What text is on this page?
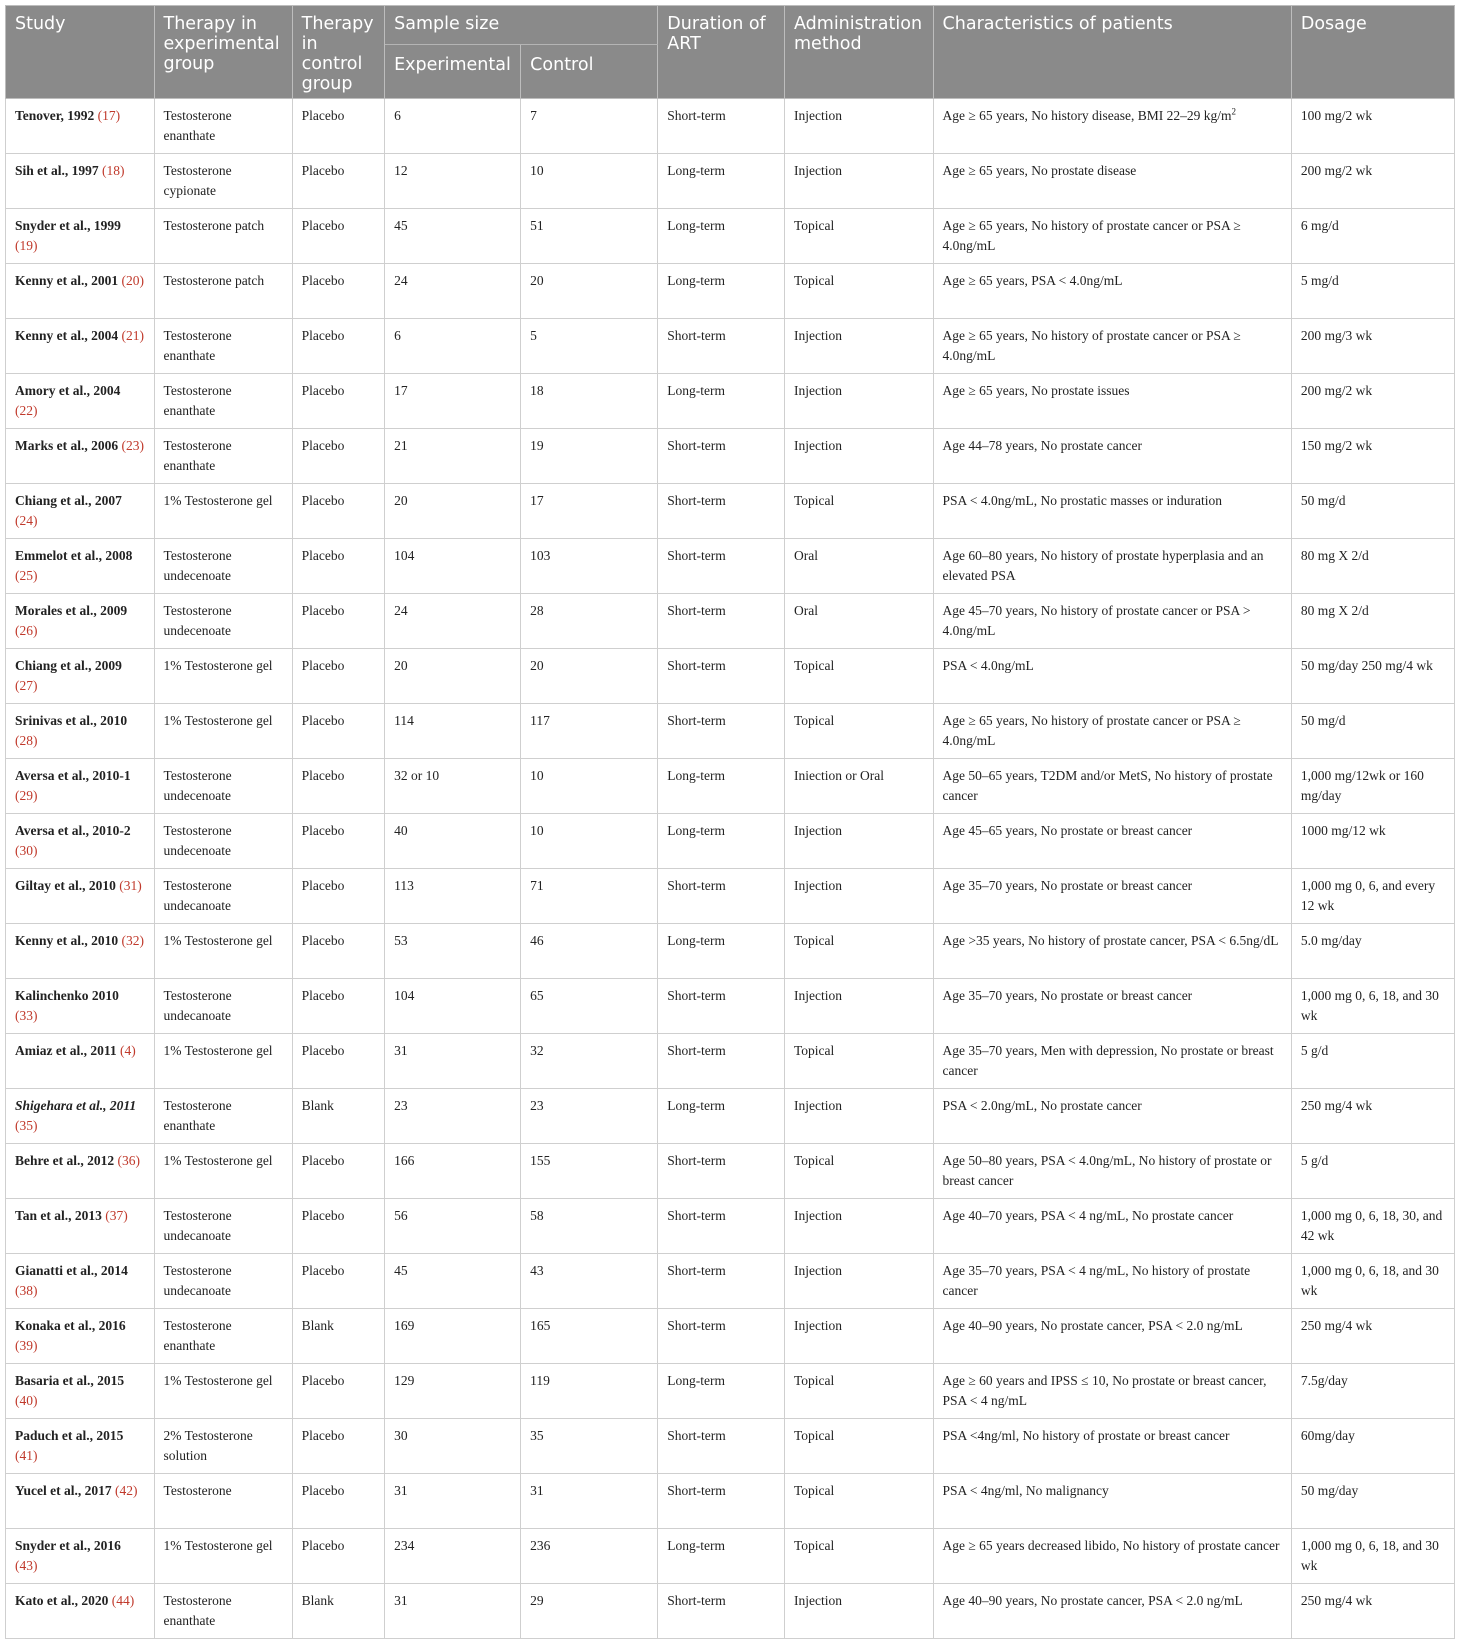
Study	Therapy in experimental group	Therapy in control group	Sample size		Duration of ART	Administration method	Characteristics of patients	Dosage
			Experimental	Control				
Tenover, 1992 (17)	Testosterone enanthate	Placebo	6	7	Short-term	Injection	Age ≥ 65 years, No history disease, BMI 22–29 $kg/m^2$	100 mg/2 wk
Sih et al., 1997 (18)	Testosterone cypionate	Placebo	12	10	Long-term	Injection	Age ≥ 65 years, No prostate disease	200 mg/2 wk
Snyder et al., 1999 (19)	Testosterone patch	Placebo	45	51	Long-term	Topical	Age ≥ 65 years, No history of prostate cancer or PSA ≥ 4.0ng/mL	6 mg/d
Kenny et al., 2001 (20)	Testosterone patch	Placebo	24	20	Long-term	Topical	Age ≥ 65 years, PSA < 4.0ng/mL	5 mg/d
Kenny et al., 2004 (21)	Testosterone enanthate	Placebo	6	5	Short-term	Injection	Age ≥ 65 years, No history of prostate cancer or PSA ≥ 4.0ng/mL	200 mg/3 wk
Amory et al., 2004 (22)	Testosterone enanthate	Placebo	17	18	Long-term	Injection	Age ≥ 65 years, No prostate issues	200 mg/2 wk
Marks et al., 2006 (23)	Testosterone enanthate	Placebo	21	19	Short-term	Injection	Age 44–78 years, No prostate cancer	150 mg/2 wk
Chiang et al., 2007 (24)	1% Testosterone gel	Placebo	20	17	Short-term	Topical	PSA < 4.0ng/mL, No prostatic masses or induration	50 mg/d
Emmelot et al., 2008 (25)	Testosterone undecenoate	Placebo	104	103	Short-term	Oral	Age 60–80 years, No history of prostate hyperplasia and an elevated PSA	80 mg X 2/d
Morales et al., 2009 (26)	Testosterone undecenoate	Placebo	24	28	Short-term	Oral	Age 45–70 years, No history of prostate cancer or PSA > 4.0ng/mL	80 mg X 2/d
Chiang et al., 2009 (27)	1% Testosterone gel	Placebo	20	20	Short-term	Topical	PSA < 4.0ng/mL	50 mg/day 250 mg/4 wk
Srinivas et al., 2010 (28)	1% Testosterone gel	Placebo	114	117	Short-term	Topical	Age ≥ 65 years, No history of prostate cancer or PSA ≥ 4.0ng/mL	50 mg/d
Aversa et al., 2010-1 (29)	Testosterone undecenoate	Placebo	32 or 10	10	Long-term	Iniection or Oral	Age 50–65 years, T2DM and/or MetS, No history of prostate cancer	1,000 mg/12wk or 160 mg/day
Aversa et al., 2010-2 (30)	Testosterone undecenoate	Placebo	40	10	Long-term	Injection	Age 45–65 years, No prostate or breast cancer	1000 mg/12 wk
Giltay et al., 2010 (31)	Testosterone undecanoate	Placebo	113	71	Short-term	Injection	Age 35–70 years, No prostate or breast cancer	1,000 mg 0, 6, and every 12 wk
Kenny et al., 2010 (32)	1% Testosterone gel	Placebo	53	46	Long-term	Topical	Age >35 years, No history of prostate cancer, PSA < 6.5ng/dL	5.0 mg/day
Kalinchenko 2010 (33)	Testosterone undecanoate	Placebo	104	65	Short-term	Injection	Age 35–70 years, No prostate or breast cancer	1,000 mg 0, 6, 18, and 30 wk
Amiaz et al., 2011 (4)	1% Testosterone gel	Placebo	31	32	Short-term	Topical	Age 35–70 years, Men with depression, No prostate or breast cancer	5 g/d
Shigehara et al., 2011 (35)	Testosterone enanthate	Blank	23	23	Long-term	Injection	PSA < 2.0ng/mL, No prostate cancer	250 mg/4 wk
Behre et al., 2012 (36)	1% Testosterone gel	Placebo	166	155	Short-term	Topical	Age 50–80 years, PSA < 4.0ng/mL, No history of prostate or breast cancer	5 g/d
Tan et al., 2013 (37)	Testosterone undecanoate	Placebo	56	58	Short-term	Injection	Age 40–70 years, PSA < 4 ng/mL, No prostate cancer	1,000 mg 0, 6, 18, 30, and 42 wk
Gianatti et al., 2014 (38)	Testosterone undecanoate	Placebo	45	43	Short-term	Injection	Age 35–70 years, PSA < 4 ng/mL, No history of prostate cancer	1,000 mg 0, 6, 18, and 30 wk
Konaka et al., 2016 (39)	Testosterone enanthate	Blank	169	165	Short-term	Injection	Age 40–90 years, No prostate cancer, PSA < 2.0 ng/mL	250 mg/4 wk
Basaria et al., 2015 (40)	1% Testosterone gel	Placebo	129	119	Long-term	Topical	Age ≥ 60 years and IPSS ≤ 10, No prostate or breast cancer, PSA < 4 ng/mL	7.5g/day
Paduch et al., 2015 (41)	2% Testosterone solution	Placebo	30	35	Short-term	Topical	PSA <4ng/ml, No history of prostate or breast cancer	60mg/day
Yucel et al., 2017 (42)	Testosterone	Placebo	31	31	Short-term	Topical	PSA < 4ng/ml, No malignancy	50 mg/day
Snyder et al., 2016 (43)	1% Testosterone gel	Placebo	234	236	Long-term	Topical	Age ≥ 65 years decreased libido, No history of prostate cancer	1,000 mg 0, 6, 18, and 30 wk
Kato et al., 2020 (44)	Testosterone enanthate	Blank	31	29	Short-term	Injection	Age 40–90 years, No prostate cancer, PSA < 2.0 ng/mL	250 mg/4 wk
